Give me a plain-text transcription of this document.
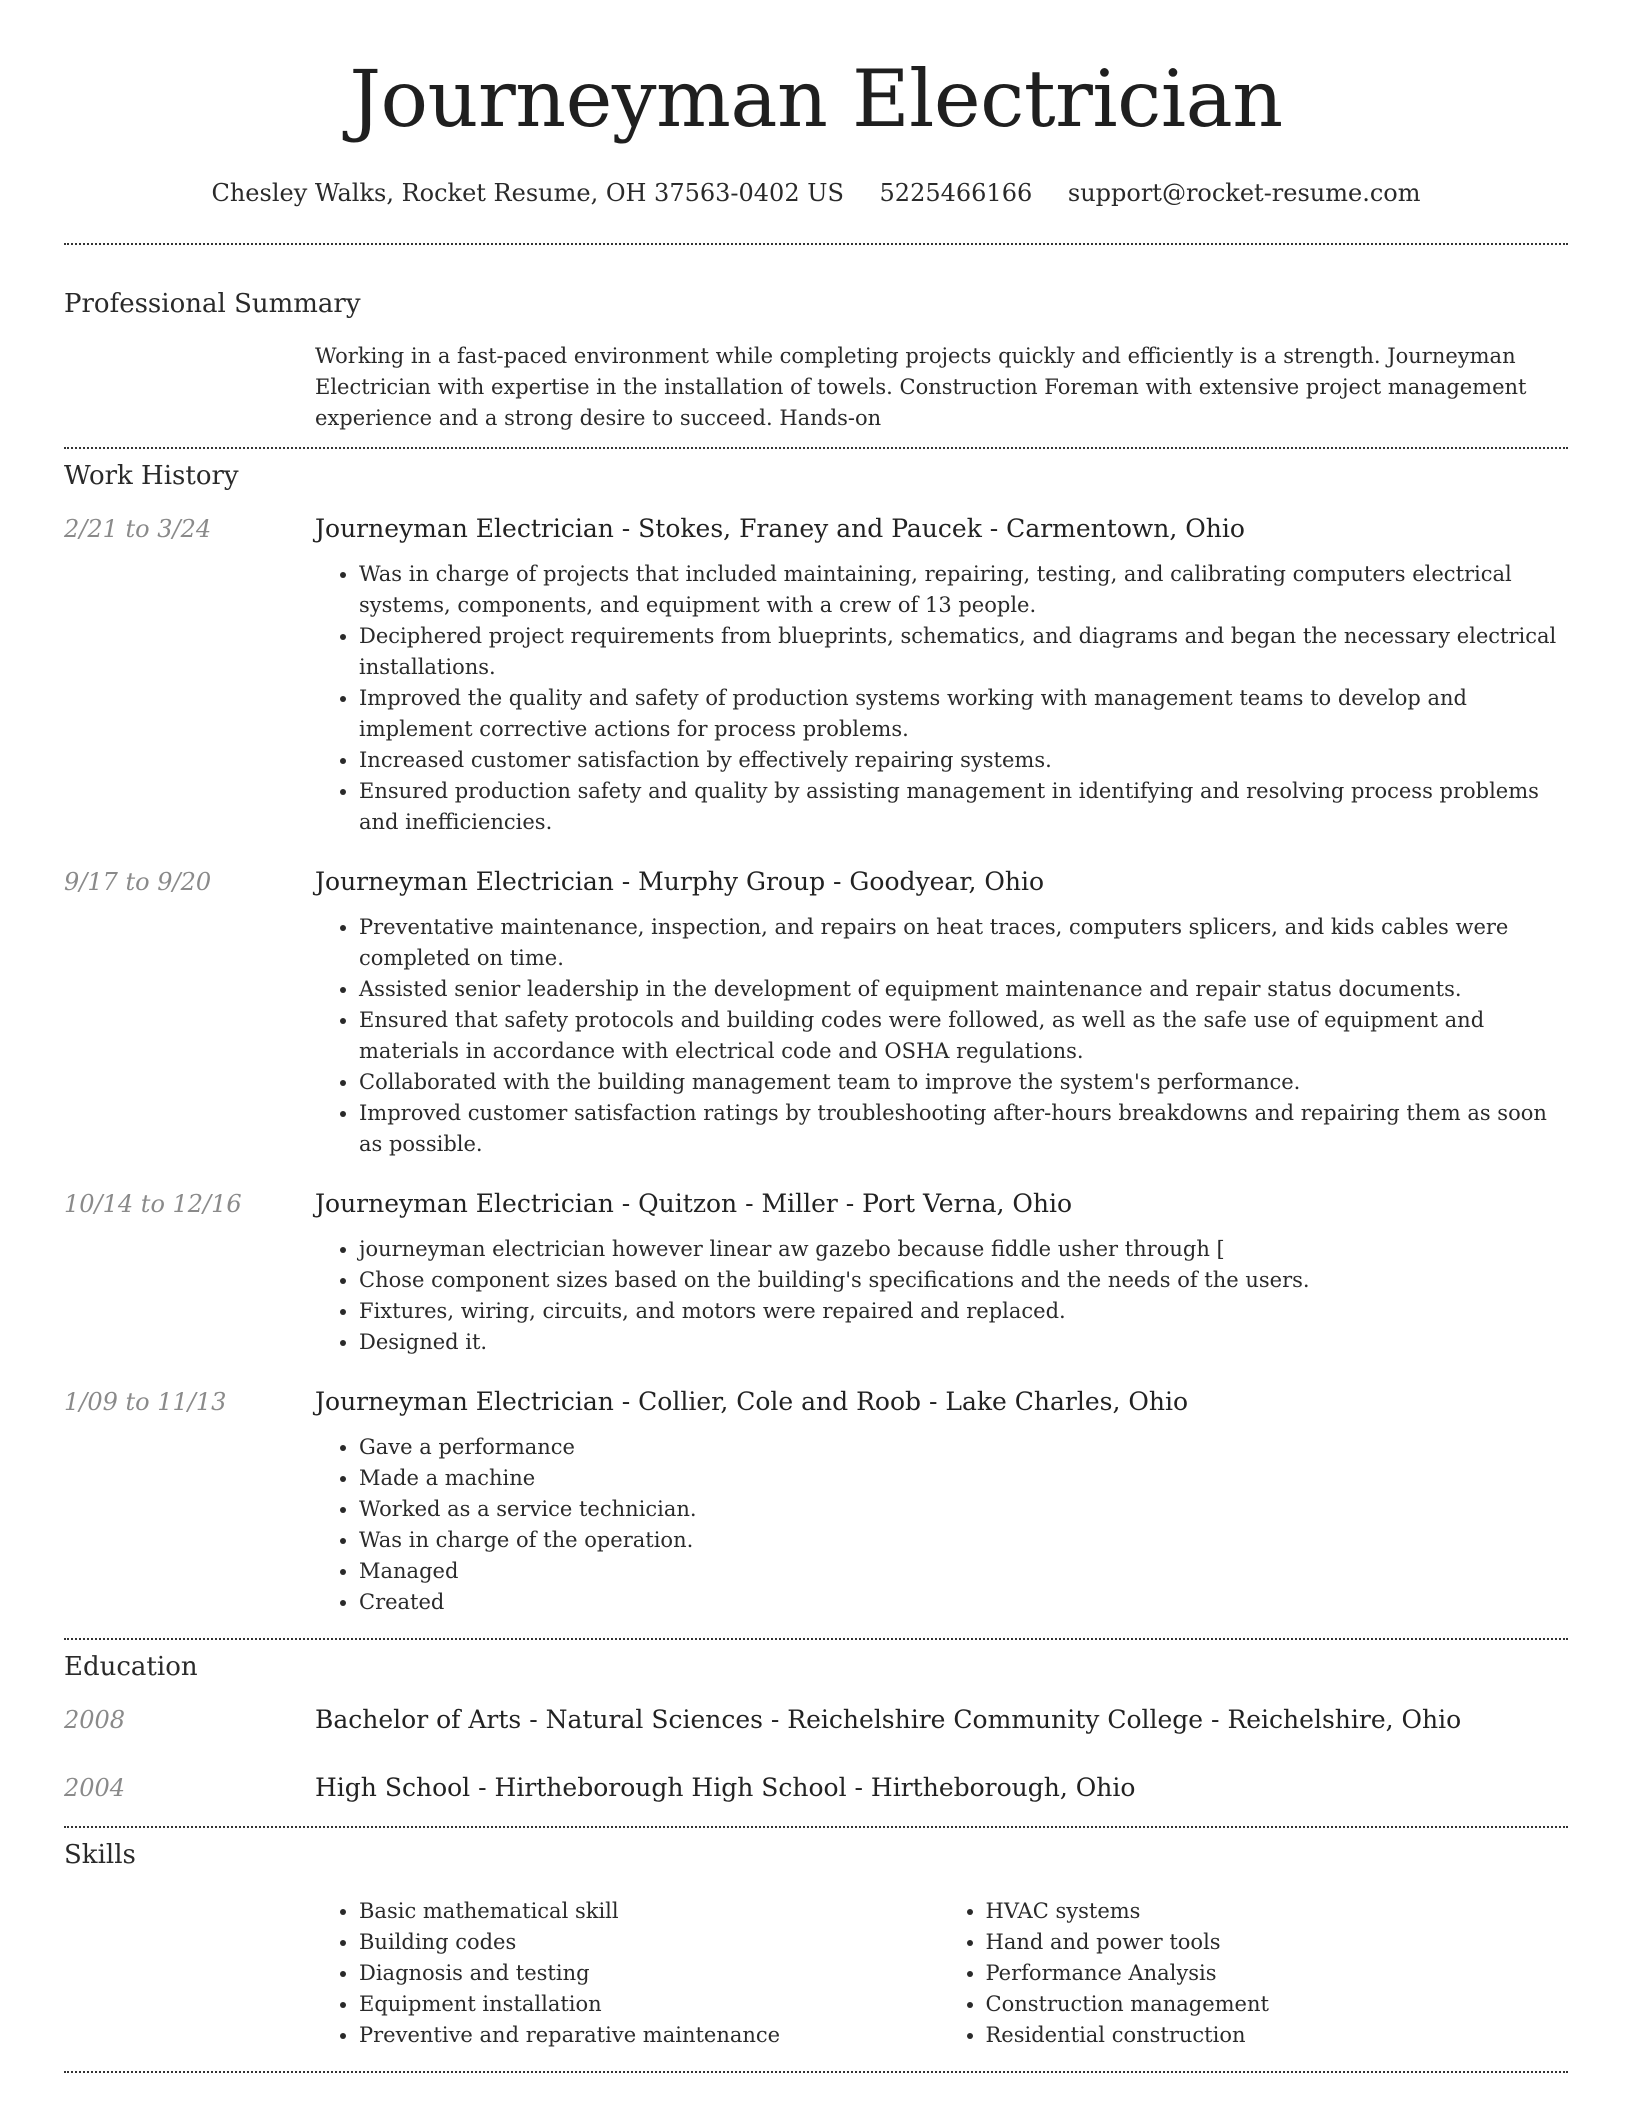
Journeyman Electrician
Chesley Walks, Rocket Resume, OH 37563-0402 US 5225466166 support@rocket-resume.com
Professional Summary
Working in a fast-paced environment while completing projects quickly and efficiently is a strength. Journeyman Electrician with expertise in the installation of towels. Construction Foreman with extensive project management experience and a strong desire to succeed. Hands-on
Work History
2/21 to 3/24	Journeyman Electrician - Stokes, Franey and Paucek - Carmentown, Ohio
• Was in charge of projects that included maintaining, repairing, testing, and calibrating computers electrical systems, components, and equipment with a crew of 13 people.
• Deciphered project requirements from blueprints, schematics, and diagrams and began the necessary electrical installations.
• Improved the quality and safety of production systems working with management teams to develop and implement corrective actions for process problems.
• Increased customer satisfaction by effectively repairing systems.
• Ensured production safety and quality by assisting management in identifying and resolving process problems and inefficiencies.
9/17 to 9/20	Journeyman Electrician - Murphy Group - Goodyear, Ohio
• Preventative maintenance, inspection, and repairs on heat traces, computers splicers, and kids cables were completed on time.
• Assisted senior leadership in the development of equipment maintenance and repair status documents.
• Ensured that safety protocols and building codes were followed, as well as the safe use of equipment and materials in accordance with electrical code and OSHA regulations.
• Collaborated with the building management team to improve the system's performance.
• Improved customer satisfaction ratings by troubleshooting after-hours breakdowns and repairing them as soon as possible.
10/14 to 12/16	Journeyman Electrician - Quitzon - Miller - Port Verna, Ohio
• journeyman electrician however linear aw gazebo because fiddle usher through [
• Chose component sizes based on the building's specifications and the needs of the users.
• Fixtures, wiring, circuits, and motors were repaired and replaced.
• Designed it.
1/09 to 11/13	Journeyman Electrician - Collier, Cole and Roob - Lake Charles, Ohio
• Gave a performance
• Made a machine
• Worked as a service technician.
• Was in charge of the operation.
• Managed
• Created
Education
2008	Bachelor of Arts - Natural Sciences - Reichelshire Community College - Reichelshire, Ohio
2004	High School - Hirtheborough High School - Hirtheborough, Ohio
Skills
• Basic mathematical skill
• Building codes
• Diagnosis and testing
• Equipment installation
• Preventive and reparative maintenance
• HVAC systems
• Hand and power tools
• Performance Analysis
• Construction management
• Residential construction
